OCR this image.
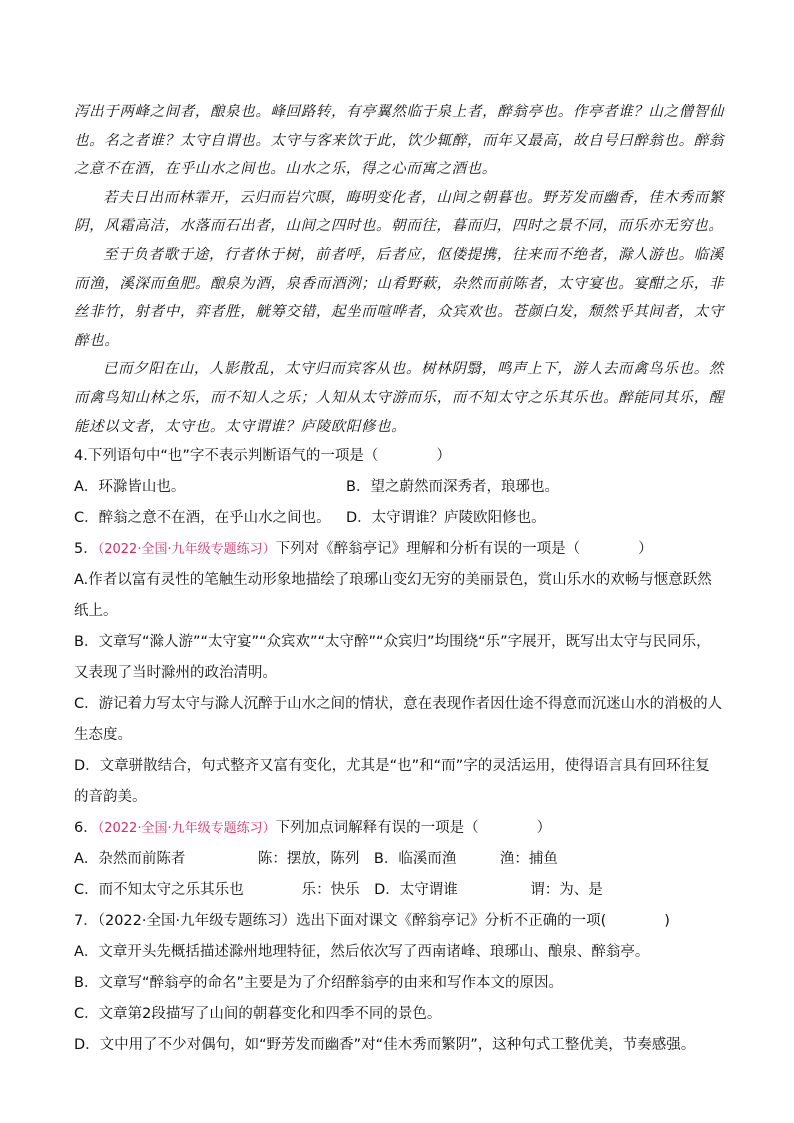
泻出于两峰之间者，酿泉也。峰回路转，有亭翼然临于泉上者，醉翁亭也。作亭者谁？山之僧智仙也。名之者谁？太守自谓也。太守与客来饮于此，饮少辄醉，而年又最高，故自号曰醉翁也。醉翁之意不在酒，在乎山水之间也。山水之乐，得之心而寓之酒也。

若夫日出而林霏开，云归而岩穴暝，晦明变化者，山间之朝暮也。野芳发而幽香，佳木秀而繁阴，风霜高洁，水落而石出者，山间之四时也。朝而往，暮而归，四时之景不同，而乐亦无穷也。

至于负者歌于途，行者休于树，前者呼，后者应，伛偻提携，往来而不绝者，滁人游也。临溪而渔，溪深而鱼肥。酿泉为酒，泉香而酒洌；山肴野蔌，杂然而前陈者，太守宴也。宴酣之乐，非丝非竹，射者中，弈者胜，觥筹交错，起坐而喧哗者，众宾欢也。苍颜白发，颓然乎其间者，太守醉也。

已而夕阳在山，人影散乱，太守归而宾客从也。树林阴翳，鸣声上下，游人去而禽鸟乐也。然而禽鸟知山林之乐，而不知人之乐；人知从太守游而乐，而不知太守之乐其乐也。醉能同其乐，醒能述以文者，太守也。太守谓谁？庐陵欧阳修也。

4.下列语句中“也”字不表示判断语气的一项是（　　　　）

A．环滁皆山也。	B．望之蔚然而深秀者，琅琊也。

C．醉翁之意不在酒，在乎山水之间也。	D．太守谓谁？庐陵欧阳修也。

5．（2022·全国·九年级专题练习）下列对《醉翁亭记》理解和分析有误的一项是（　　　　）

A.作者以富有灵性的笔触生动形象地描绘了琅琊山变幻无穷的美丽景色，赏山乐水的欢畅与惬意跃然纸上。

B．文章写“滁人游”“太守宴”“众宾欢”“太守醉”“众宾归”均围绕“乐”字展开，既写出太守与民同乐，又表现了当时滁州的政治清明。

C．游记着力写太守与滁人沉醉于山水之间的情状，意在表现作者因仕途不得意而沉迷山水的消极的人生态度。

D．文章骈散结合，句式整齐又富有变化，尤其是“也”和“而”字的灵活运用，使得语言具有回环往复的音韵美。

6．（2022·全国·九年级专题练习）下列加点词解释有误的一项是（　　　　）

A．杂然而前陈者　　　　　陈：摆放，陈列　 B．临溪而渔　　　渔：捕鱼

C．而不知太守之乐其乐也　　　　乐：快乐　 D．太守谓谁　　　　　谓：为、是

7．（2022·全国·九年级专题练习）选出下面对课文《醉翁亭记》分析不正确的一项(　　　　)

A．文章开头先概括描述滁州地理特征，然后依次写了西南诸峰、琅琊山、酿泉、醉翁亭。

B．文章写“醉翁亭的命名”主要是为了介绍醉翁亭的由来和写作本文的原因。

C．文章第2段描写了山间的朝暮变化和四季不同的景色。

D．文中用了不少对偶句，如“野芳发而幽香”对“佳木秀而繁阴”，这种句式工整优美，节奏感强。
